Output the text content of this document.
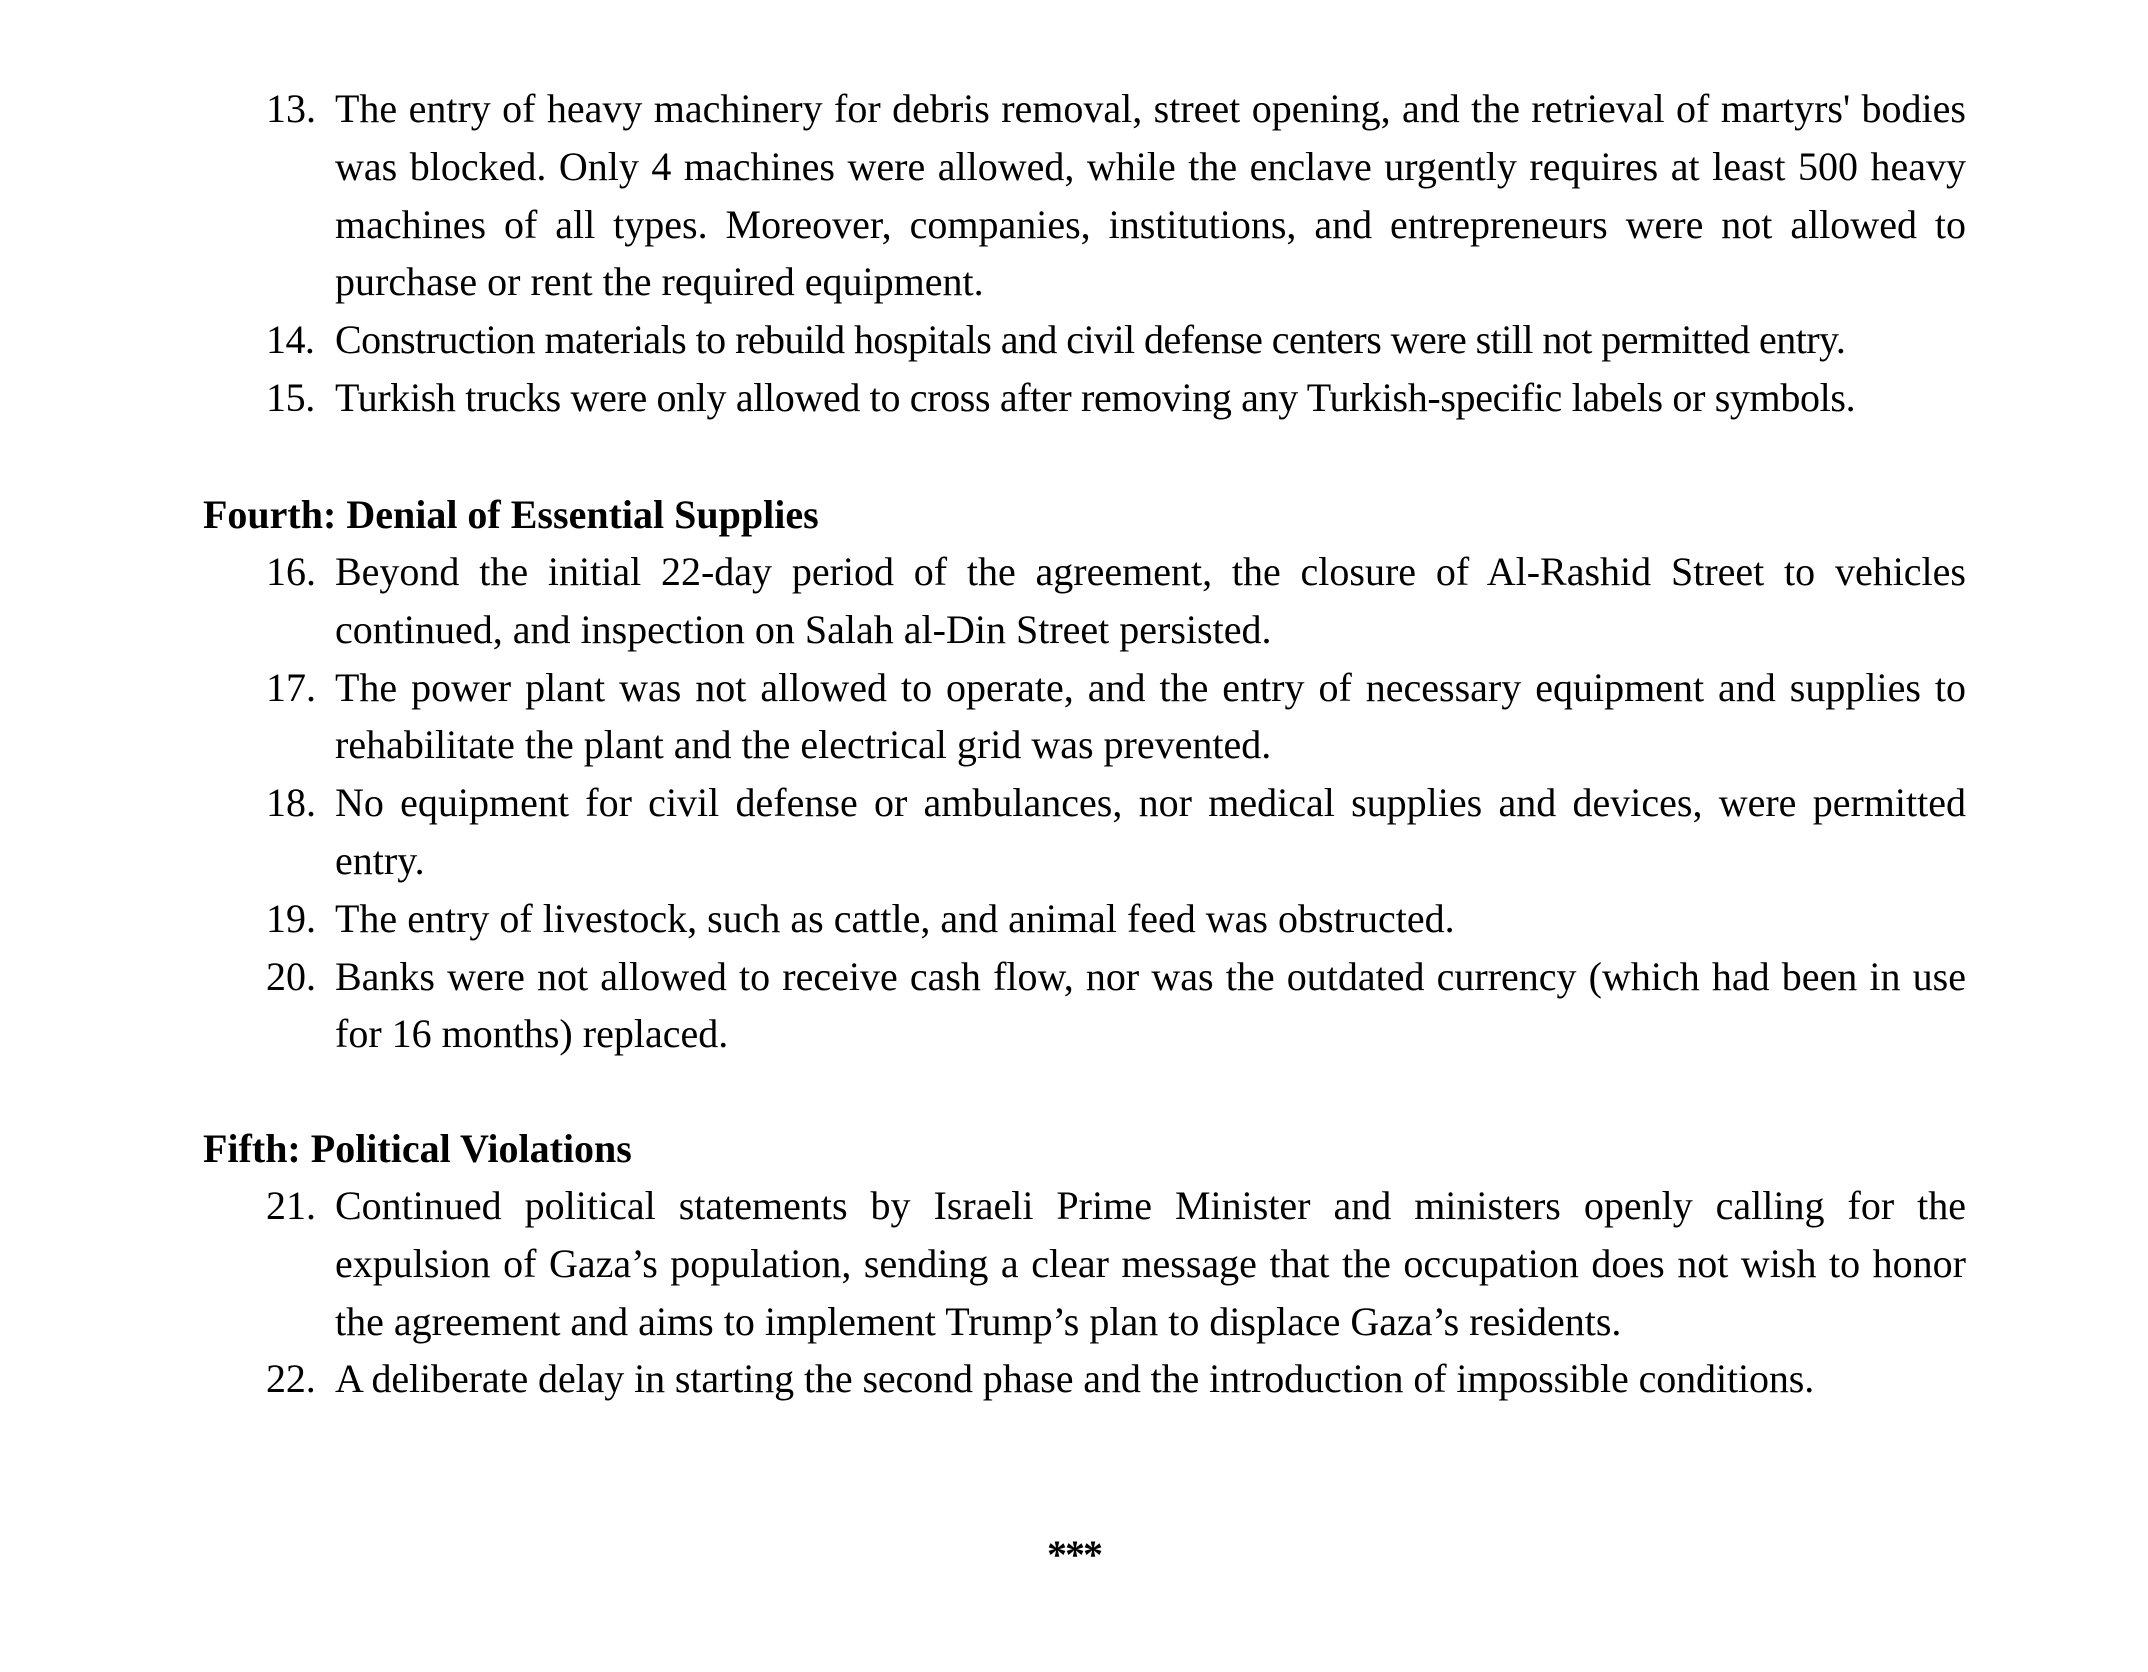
13. The entry of heavy machinery for debris removal, street opening, and the retrieval of martyrs' bodies was blocked. Only 4 machines were allowed, while the enclave urgently requires at least 500 heavy machines of all types. Moreover, companies, institutions, and entrepreneurs were not allowed to purchase or rent the required equipment.
14. Construction materials to rebuild hospitals and civil defense centers were still not permitted entry.
15. Turkish trucks were only allowed to cross after removing any Turkish-specific labels or symbols.
Fourth: Denial of Essential Supplies
16. Beyond the initial 22-day period of the agreement, the closure of Al-Rashid Street to vehicles continued, and inspection on Salah al-Din Street persisted.
17. The power plant was not allowed to operate, and the entry of necessary equipment and supplies to rehabilitate the plant and the electrical grid was prevented.
18. No equipment for civil defense or ambulances, nor medical supplies and devices, were permitted entry.
19. The entry of livestock, such as cattle, and animal feed was obstructed.
20. Banks were not allowed to receive cash flow, nor was the outdated currency (which had been in use for 16 months) replaced.
Fifth: Political Violations
21. Continued political statements by Israeli Prime Minister and ministers openly calling for the expulsion of Gaza’s population, sending a clear message that the occupation does not wish to honor the agreement and aims to implement Trump’s plan to displace Gaza’s residents.
22. A deliberate delay in starting the second phase and the introduction of impossible conditions.
***
